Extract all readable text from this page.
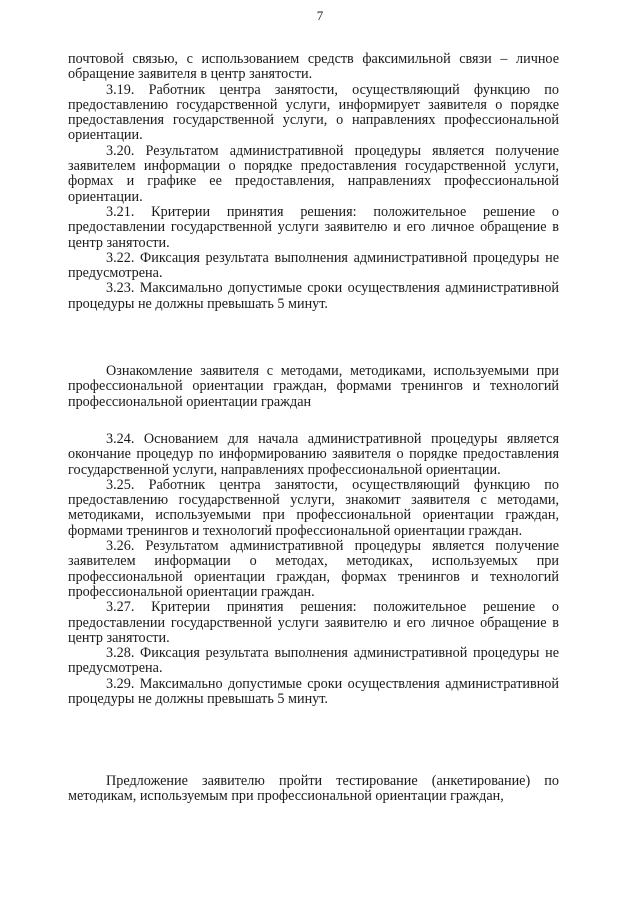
7

почтовой связью, с использованием средств факсимильной связи – личное обращение заявителя в центр занятости.

3.19. Работник центра занятости, осуществляющий функцию по предоставлению государственной услуги, информирует заявителя о порядке предоставления государственной услуги, о направлениях профессиональной ориентации.

3.20. Результатом административной процедуры является получение заявителем информации о порядке предоставления государственной услуги, формах и графике ее предоставления, направлениях профессиональной ориентации.

3.21. Критерии принятия решения: положительное решение о предоставлении государственной услуги заявителю и его личное обращение в центр занятости.

3.22. Фиксация результата выполнения административной процедуры не предусмотрена.

3.23. Максимально допустимые сроки осуществления административной процедуры не должны превышать 5 минут.

Ознакомление заявителя с методами, методиками, используемыми при профессиональной ориентации граждан, формами тренингов и технологий профессиональной ориентации граждан

3.24. Основанием для начала административной процедуры является окончание процедур по информированию заявителя о порядке предоставления государственной услуги, направлениях профессиональной ориентации.

3.25. Работник центра занятости, осуществляющий функцию по предоставлению государственной услуги, знакомит заявителя с методами, методиками, используемыми при профессиональной ориентации граждан, формами тренингов и технологий профессиональной ориентации граждан.

3.26. Результатом административной процедуры является получение заявителем информации о методах, методиках, используемых при профессиональной ориентации граждан, формах тренингов и технологий профессиональной ориентации граждан.

3.27. Критерии принятия решения: положительное решение о предоставлении государственной услуги заявителю и его личное обращение в центр занятости.

3.28. Фиксация результата выполнения административной процедуры не предусмотрена.

3.29. Максимально допустимые сроки осуществления административной процедуры не должны превышать 5 минут.

Предложение заявителю пройти тестирование (анкетирование) по методикам, используемым при профессиональной ориентации граждан,
